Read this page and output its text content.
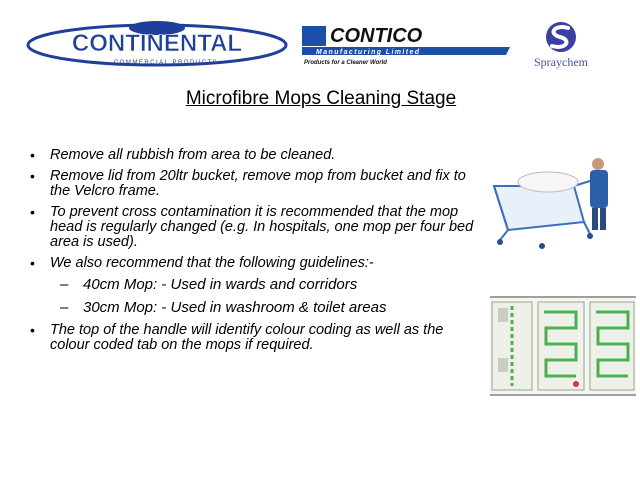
CONTINENTAL
COMMERCIAL PRODUCTS
CONTICO
Manufacturing Limited
Products for a Cleaner World	Spraychem
Microfibre Mops Cleaning Stage
• Remove all rubbish from area to be cleaned.
• Remove lid from 20ltr bucket, remove mop from bucket and fix to the Velcro frame.
• To prevent cross contamination it is recommended that the mop head is regularly changed (e.g. In hospitals, one mop per four bed area is used).
• We also recommend that the following guidelines:-
– 40cm Mop: - Used in wards and corridors
– 30cm Mop: - Used in washroom & toilet areas
• The top of the handle will identify colour coding as well as the colour coded tab on the mops if required.
